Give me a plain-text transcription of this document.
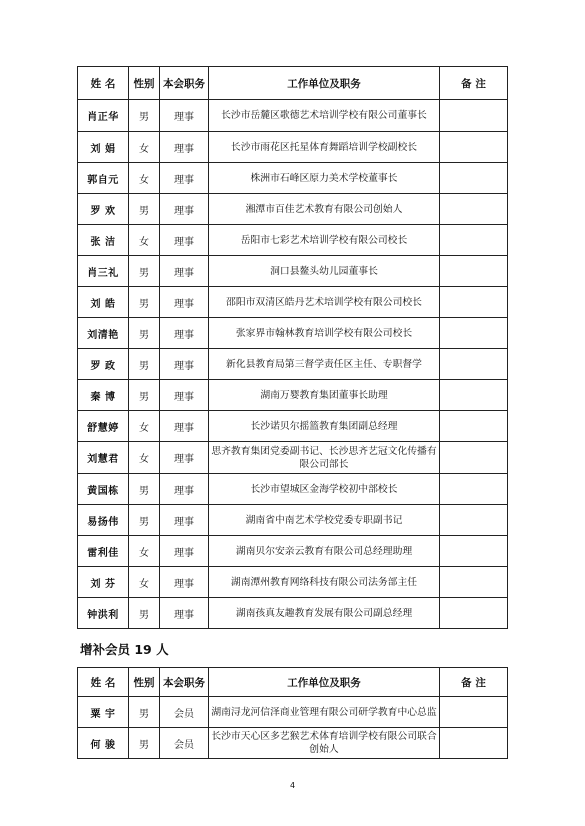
姓 名	性别	本会职务	工作单位及职务	备 注
肖正华	男	理事	长沙市岳麓区歌德艺术培训学校有限公司董事长	
刘 娟	女	理事	长沙市雨花区托星体育舞蹈培训学校副校长	
郭自元	女	理事	株洲市石峰区原力美术学校董事长	
罗 欢	男	理事	湘潭市百佳艺术教育有限公司创始人	
张 洁	女	理事	岳阳市七彩艺术培训学校有限公司校长	
肖三礼	男	理事	洞口县鳌头幼儿园董事长	
刘 皓	男	理事	邵阳市双清区皓丹艺术培训学校有限公司校长	
刘清艳	男	理事	张家界市翰林教育培训学校有限公司校长	
罗 政	男	理事	新化县教育局第三督学责任区主任、专职督学	
秦 博	男	理事	湖南万婴教育集团董事长助理	
舒慧婷	女	理事	长沙诺贝尔摇篮教育集团副总经理	
刘慧君	女	理事	思齐教育集团党委副书记、长沙思齐艺冠文化传播有限公司部长	
黄国栋	男	理事	长沙市望城区金海学校初中部校长	
易扬伟	男	理事	湖南省中南艺术学校党委专职副书记	
雷利佳	女	理事	湖南贝尔安亲云教育有限公司总经理助理	
刘 芬	女	理事	湖南潭州教育网络科技有限公司法务部主任	
钟洪利	男	理事	湖南孩真友趣教育发展有限公司副总经理	
增补会员 19 人
姓 名	性别	本会职务	工作单位及职务	备 注
粟 宇	男	会员	湖南浔龙河信泽商业管理有限公司研学教育中心总监	
何 骏	男	会员	长沙市天心区多艺猴艺术体育培训学校有限公司联合创始人	
4
